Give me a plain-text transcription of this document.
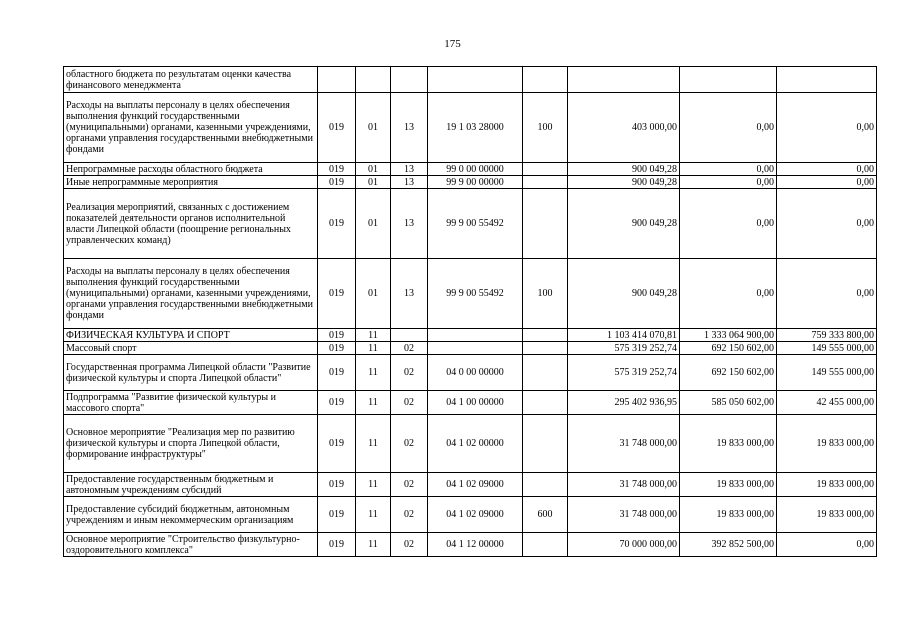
175
областного бюджета по результатам оценки качества финансового менеджмента								
Расходы на выплаты персоналу в целях обеспечения выполнения функций государственными (муниципальными) органами, казенными учреждениями, органами управления государственными внебюджетными фондами	019	01	13	19 1 03 28000	100	403 000,00	0,00	0,00
Непрограммные расходы областного бюджета	019	01	13	99 0 00 00000		900 049,28	0,00	0,00
Иные непрограммные мероприятия	019	01	13	99 9 00 00000		900 049,28	0,00	0,00
Реализация мероприятий, связанных с достижением показателей деятельности органов исполнительной власти Липецкой области (поощрение региональных управленческих команд)	019	01	13	99 9 00 55492		900 049,28	0,00	0,00
Расходы на выплаты персоналу в целях обеспечения выполнения функций государственными (муниципальными) органами, казенными учреждениями, органами управления государственными внебюджетными фондами	019	01	13	99 9 00 55492	100	900 049,28	0,00	0,00
ФИЗИЧЕСКАЯ КУЛЬТУРА И СПОРТ	019	11				1 103 414 070,81	1 333 064 900,00	759 333 800,00
Массовый спорт	019	11	02			575 319 252,74	692 150 602,00	149 555 000,00
Государственная программа Липецкой области "Развитие физической культуры и спорта Липецкой области"	019	11	02	04 0 00 00000		575 319 252,74	692 150 602,00	149 555 000,00
Подпрограмма "Развитие физической культуры и массового спорта"	019	11	02	04 1 00 00000		295 402 936,95	585 050 602,00	42 455 000,00
Основное мероприятие "Реализация мер по развитию физической культуры и спорта Липецкой области, формирование инфраструктуры"	019	11	02	04 1 02 00000		31 748 000,00	19 833 000,00	19 833 000,00
Предоставление государственным бюджетным и автономным учреждениям субсидий	019	11	02	04 1 02 09000		31 748 000,00	19 833 000,00	19 833 000,00
Предоставление субсидий бюджетным, автономным учреждениям и иным некоммерческим организациям	019	11	02	04 1 02 09000	600	31 748 000,00	19 833 000,00	19 833 000,00
Основное мероприятие "Строительство физкультурно-оздоровительного комплекса"	019	11	02	04 1 12 00000		70 000 000,00	392 852 500,00	0,00
